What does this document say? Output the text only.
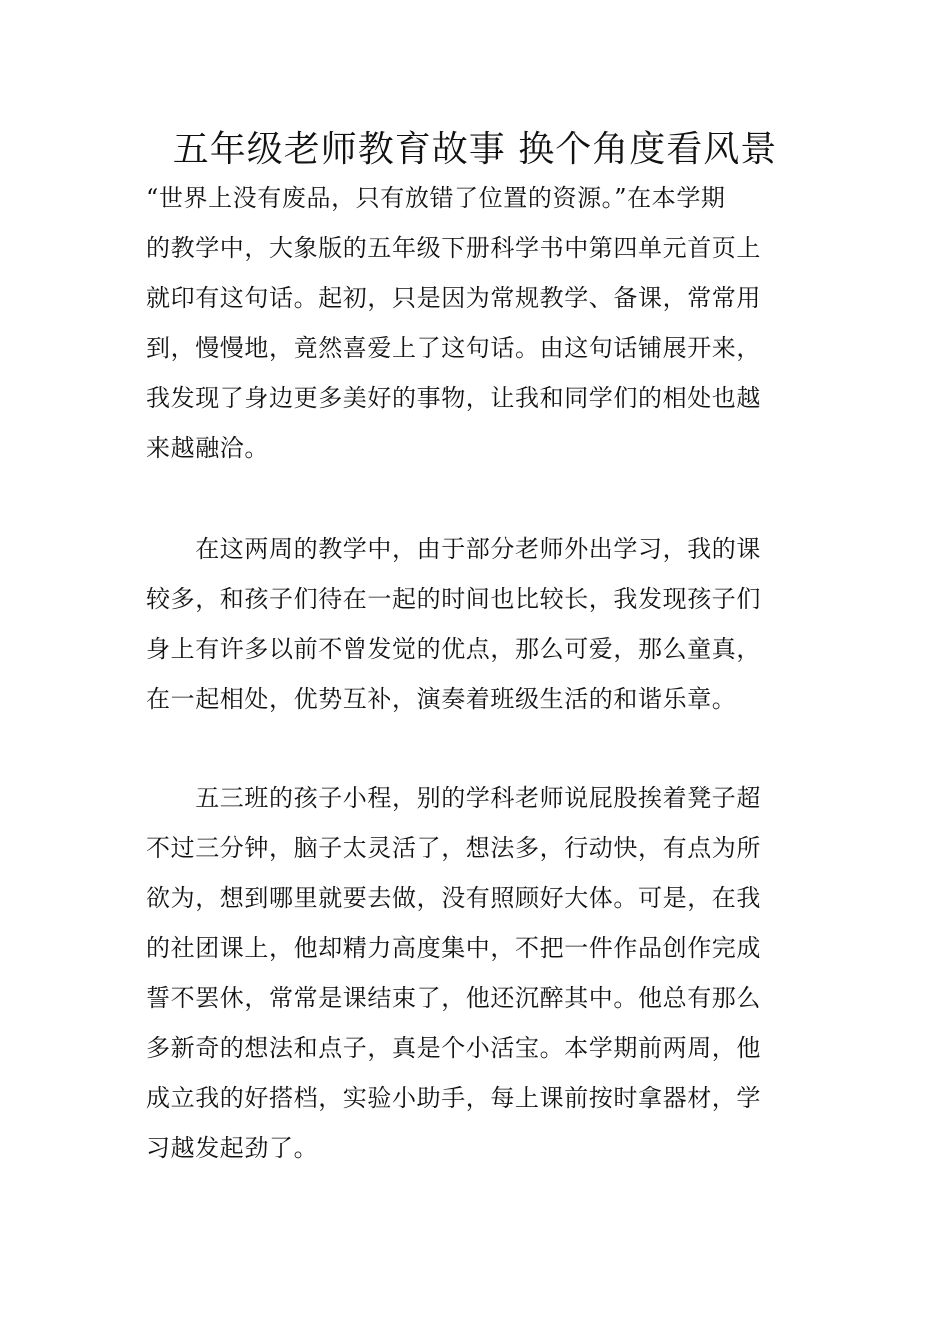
五年级老师教育故事 换个角度看风景

“世界上没有废品，只有放错了位置的资源。”在本学期

的教学中，大象版的五年级下册科学书中第四单元首页上

就印有这句话。起初，只是因为常规教学、备课，常常用

到，慢慢地，竟然喜爱上了这句话。由这句话铺展开来，

我发现了身边更多美好的事物，让我和同学们的相处也越

来越融洽。

　　在这两周的教学中，由于部分老师外出学习，我的课

较多，和孩子们待在一起的时间也比较长，我发现孩子们

身上有许多以前不曾发觉的优点，那么可爱，那么童真，

在一起相处，优势互补，演奏着班级生活的和谐乐章。

　　五三班的孩子小程，别的学科老师说屁股挨着凳子超

不过三分钟，脑子太灵活了，想法多，行动快，有点为所

欲为，想到哪里就要去做，没有照顾好大体。可是，在我

的社团课上，他却精力高度集中，不把一件作品创作完成

誓不罢休，常常是课结束了，他还沉醉其中。他总有那么

多新奇的想法和点子，真是个小活宝。本学期前两周，他

成立我的好搭档，实验小助手，每上课前按时拿器材，学

习越发起劲了。
